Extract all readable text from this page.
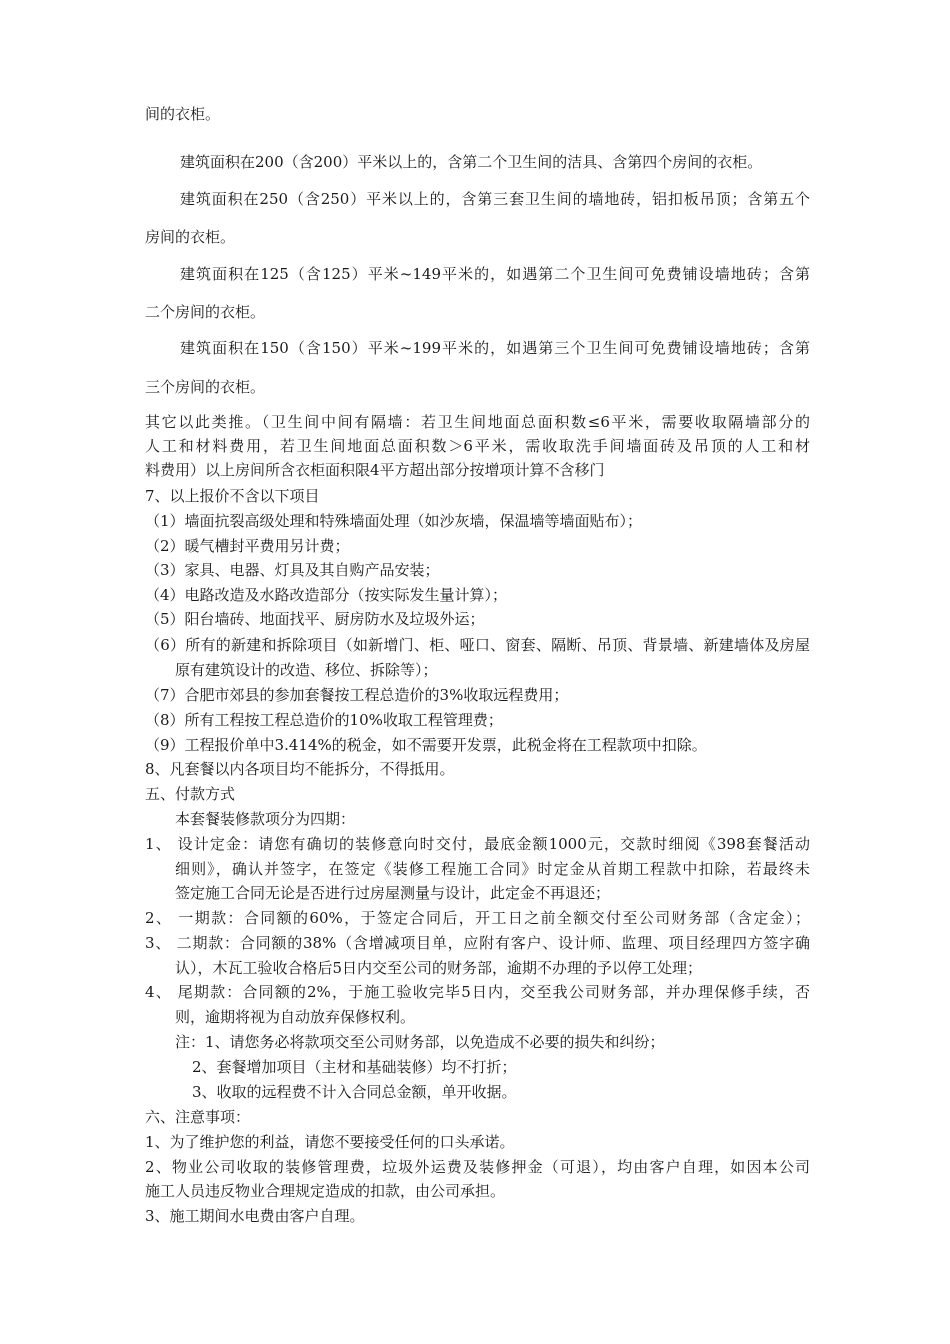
间的衣柜。
建筑面积在200（含200）平米以上的，含第二个卫生间的洁具、含第四个房间的衣柜。
建筑面积在250（含250）平米以上的，含第三套卫生间的墙地砖，铝扣板吊顶；含第五个
房间的衣柜。
建筑面积在125（含125）平米~149平米的，如遇第二个卫生间可免费铺设墙地砖；含第
二个房间的衣柜。
建筑面积在150（含150）平米~199平米的，如遇第三个卫生间可免费铺设墙地砖；含第
三个房间的衣柜。
其它以此类推。（卫生间中间有隔墙：若卫生间地面总面积数≤6平米，需要收取隔墙部分的
人工和材料费用，若卫生间地面总面积数＞6平米，需收取洗手间墙面砖及吊顶的人工和材
料费用）以上房间所含衣柜面积限4平方超出部分按增项计算不含移门
7、以上报价不含以下项目
（1）墙面抗裂高级处理和特殊墙面处理（如沙灰墙，保温墙等墙面贴布）；
（2）暖气槽封平费用另计费；
（3）家具、电器、灯具及其自购产品安装；
（4）电路改造及水路改造部分（按实际发生量计算）；
（5）阳台墙砖、地面找平、厨房防水及垃圾外运；
（6）所有的新建和拆除项目（如新增门、柜、哑口、窗套、隔断、吊顶、背景墙、新建墙体及房屋
原有建筑设计的改造、移位、拆除等）；
（7）合肥市郊县的参加套餐按工程总造价的3%收取远程费用；
（8）所有工程按工程总造价的10%收取工程管理费；
（9）工程报价单中3.414%的税金，如不需要开发票，此税金将在工程款项中扣除。
8、凡套餐以内各项目均不能拆分，不得抵用。
五、付款方式
本套餐装修款项分为四期：
1、 设计定金：请您有确切的装修意向时交付，最底金额1000元，交款时细阅《398套餐活动
细则》，确认并签字，在签定《装修工程施工合同》时定金从首期工程款中扣除，若最终未
签定施工合同无论是否进行过房屋测量与设计，此定金不再退还；
2、 一期款：合同额的60%，于签定合同后，开工日之前全额交付至公司财务部（含定金）；
3、 二期款：合同额的38%（含增减项目单，应附有客户、设计师、监理、项目经理四方签字确
认），木瓦工验收合格后5日内交至公司的财务部，逾期不办理的予以停工处理；
4、 尾期款：合同额的2%，于施工验收完毕5日内，交至我公司财务部，并办理保修手续，否
则，逾期将视为自动放弃保修权利。
注：1、请您务必将款项交至公司财务部，以免造成不必要的损失和纠纷；
2、套餐增加项目（主材和基础装修）均不打折；
3、收取的远程费不计入合同总金额，单开收据。
六、注意事项：
1、为了维护您的利益，请您不要接受任何的口头承诺。
2、物业公司收取的装修管理费，垃圾外运费及装修押金（可退），均由客户自理，如因本公司
施工人员违反物业合理规定造成的扣款，由公司承担。
3、施工期间水电费由客户自理。
